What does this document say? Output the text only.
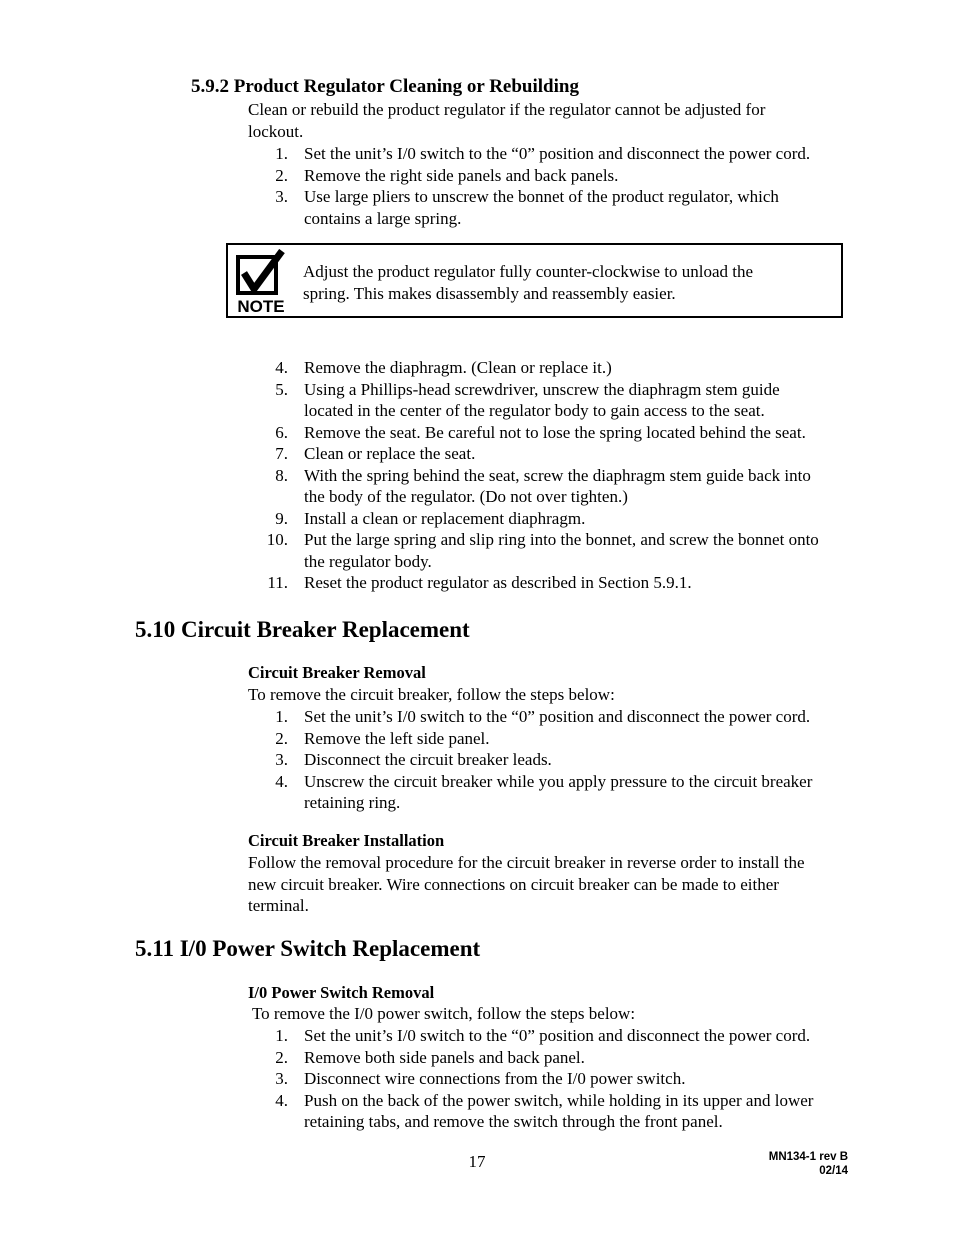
5.9.2 Product Regulator Cleaning or Rebuilding

Clean or rebuild the product regulator if the regulator cannot be adjusted for

lockout.

1. Set the unit’s I/0 switch to the “0” position and disconnect the power cord.
2. Remove the right side panels and back panels.
3. Use large pliers to unscrew the bonnet of the product regulator, which
contains a large spring.
NOTE
Adjust the product regulator fully counter-clockwise to unload the
spring. This makes disassembly and reassembly easier.
4. Remove the diaphragm. (Clean or replace it.)
5. Using a Phillips-head screwdriver, unscrew the diaphragm stem guide
located in the center of the regulator body to gain access to the seat.
6. Remove the seat. Be careful not to lose the spring located behind the seat.
7. Clean or replace the seat.
8. With the spring behind the seat, screw the diaphragm stem guide back into
the body of the regulator. (Do not over tighten.)
9. Install a clean or replacement diaphragm.
10. Put the large spring and slip ring into the bonnet, and screw the bonnet onto
the regulator body.
11. Reset the product regulator as described in Section 5.9.1.
5.10 Circuit Breaker Replacement
Circuit Breaker Removal

To remove the circuit breaker, follow the steps below:

1. Set the unit’s I/0 switch to the “0” position and disconnect the power cord.
2. Remove the left side panel.
3. Disconnect the circuit breaker leads.
4. Unscrew the circuit breaker while you apply pressure to the circuit breaker
retaining ring.
Circuit Breaker Installation

Follow the removal procedure for the circuit breaker in reverse order to install the

new circuit breaker. Wire connections on circuit breaker can be made to either

terminal.

5.11 I/0 Power Switch Replacement
I/0 Power Switch Removal

To remove the I/0 power switch, follow the steps below:

1. Set the unit’s I/0 switch to the “0” position and disconnect the power cord.
2. Remove both side panels and back panel.
3. Disconnect wire connections from the I/0 power switch.
4. Push on the back of the power switch, while holding in its upper and lower
retaining tabs, and remove the switch through the front panel.
17	MN134-1 rev B
02/14
